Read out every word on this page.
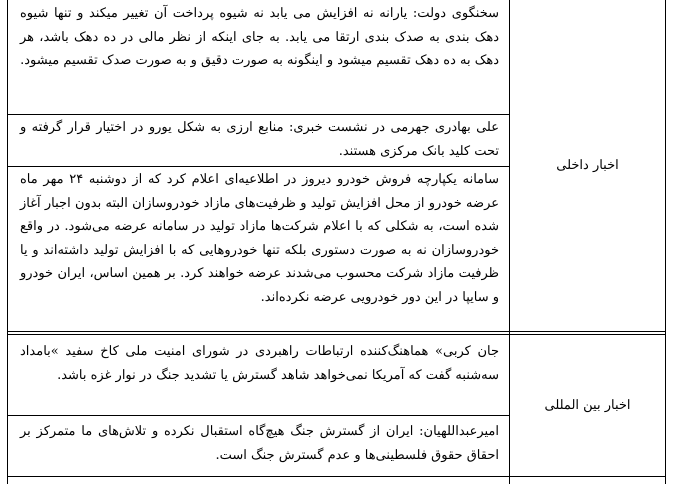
اخبار داخلی
اخبار بین المللی
سخنگوی دولت: یارانه نه افزایش می یابد نه شیوه پرداخت آن تغییر میکند و تنها شیوه دهک بندی به صدک بندی ارتقا می یابد. به جای اینکه از نظر مالی در ده دهک باشد، هر دهک به ده دهک تقسیم میشود و اینگونه به صورت دقیق و به صورت صدک تقسیم میشود.
علی بهادری جهرمی در نشست خبری: منابع ارزی به شکل یورو در اختیار قرار گرفته و تحت کلید بانک مرکزی هستند.
سامانه یکپارچه فروش خودرو دیروز در اطلاعیه‌ای اعلام کرد که از دوشنبه ۲۴ مهر ماه عرضه خودرو از محل افزایش تولید و ظرفیت‌های مازاد خودروسازان البته بدون اجبار آغاز شده است، به شکلی که با اعلام شرکت‌ها مازاد تولید در سامانه عرضه می‌شود. در واقع خودروسازان نه به صورت دستوری بلکه تنها خودروهایی که با افزایش تولید داشته‌اند و یا ظرفیت مازاد شرکت محسوب می‌شدند عرضه خواهند کرد. بر همین اساس، ایران خودرو و سایپا در این دور خودرویی عرضه نکرده‌اند.
جان کربی» هماهنگ‌کننده ارتباطات راهبردی در شورای امنیت ملی کاخ سفید »بامداد سه‌شنبه گفت که آمریکا نمی‌خواهد شاهد گسترش یا تشدید جنگ در نوار غزه باشد.
امیرعبداللهیان: ایران از گسترش جنگ هیچ‌گاه استقبال نکرده و تلاش‌های ما متمرکز بر احقاق حقوق فلسطینی‌ها و عدم گسترش جنگ است.
